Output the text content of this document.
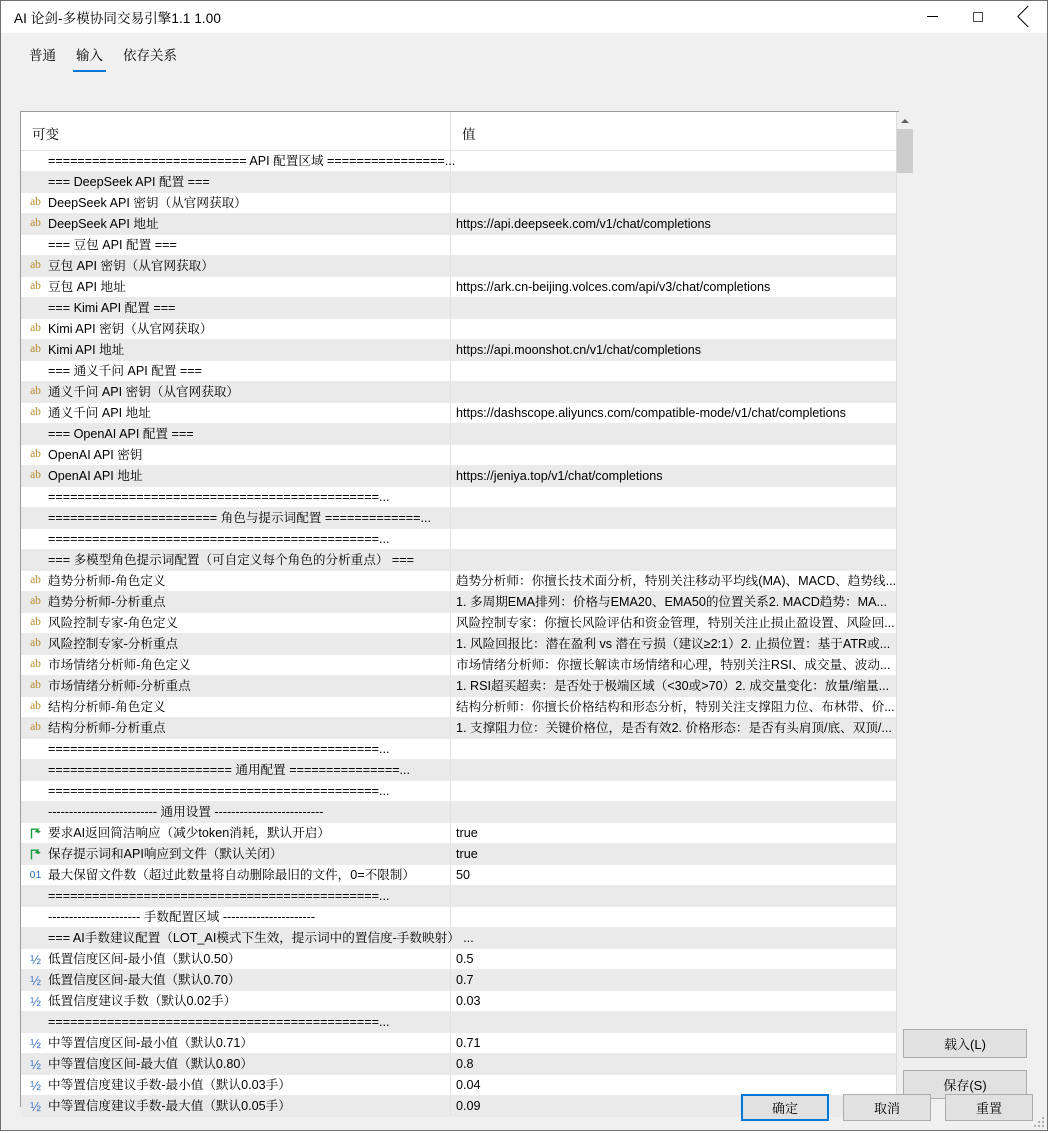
AI 论剑-多模协同交易引擎1.1 1.00
普通	输入	依存关系
可变	值
=========================== API 配置区域 ================...
=== DeepSeek API 配置 ===
ab DeepSeek API 密钥（从官网获取）
ab DeepSeek API 地址	https://api.deepseek.com/v1/chat/completions
=== 豆包 API 配置 ===
ab 豆包 API 密钥（从官网获取）
ab 豆包 API 地址	https://ark.cn-beijing.volces.com/api/v3/chat/completions
=== Kimi API 配置 ===
ab Kimi API 密钥（从官网获取）
ab Kimi API 地址	https://api.moonshot.cn/v1/chat/completions
=== 通义千问 API 配置 ===
ab 通义千问 API 密钥（从官网获取）
ab 通义千问 API 地址	https://dashscope.aliyuncs.com/compatible-mode/v1/chat/completions
=== OpenAI API 配置 ===
ab OpenAI API 密钥
ab OpenAI API 地址	https://jeniya.top/v1/chat/completions
=============================================...
======================= 角色与提示词配置 =============...
=============================================...
=== 多模型角色提示词配置（可自定义每个角色的分析重点） ===
ab 趋势分析师-角色定义	趋势分析师：你擅长技术面分析，特别关注移动平均线(MA)、MACD、趋势线...
ab 趋势分析师-分析重点	1. 多周期EMA排列：价格与EMA20、EMA50的位置关系2. MACD趋势：MA...
ab 风险控制专家-角色定义	风险控制专家：你擅长风险评估和资金管理，特别关注止损止盈设置、风险回...
ab 风险控制专家-分析重点	1. 风险回报比：潜在盈利 vs 潜在亏损（建议≥2:1）2. 止损位置：基于ATR或...
ab 市场情绪分析师-角色定义	市场情绪分析师：你擅长解读市场情绪和心理，特别关注RSI、成交量、波动...
ab 市场情绪分析师-分析重点	1. RSI超买超卖：是否处于极端区域（<30或>70）2. 成交量变化：放量/缩量...
ab 结构分析师-角色定义	结构分析师：你擅长价格结构和形态分析，特别关注支撑阻力位、布林带、价...
ab 结构分析师-分析重点	1. 支撑阻力位：关键价格位，是否有效2. 价格形态：是否有头肩顶/底、双顶/...
=============================================...
========================= 通用配置 ===============...
=============================================...
-------------------------- 通用设置 --------------------------
要求AI返回简洁响应（减少token消耗，默认开启）	true
保存提示词和API响应到文件（默认关闭）	true
01 最大保留文件数（超过此数量将自动删除最旧的文件，0=不限制）	50
=============================================...
---------------------- 手数配置区域 ----------------------
=== AI手数建议配置（LOT_AI模式下生效，提示词中的置信度-手数映射） ...
½ 低置信度区间-最小值（默认0.50）	0.5
½ 低置信度区间-最大值（默认0.70）	0.7
½ 低置信度建议手数（默认0.02手）	0.03
=============================================...
½ 中等置信度区间-最小值（默认0.71）	0.71
½ 中等置信度区间-最大值（默认0.80）	0.8
½ 中等置信度建议手数-最小值（默认0.03手）	0.04
½ 中等置信度建议手数-最大值（默认0.05手）	0.09
载入(L)
保存(S)
确定	取消	重置
